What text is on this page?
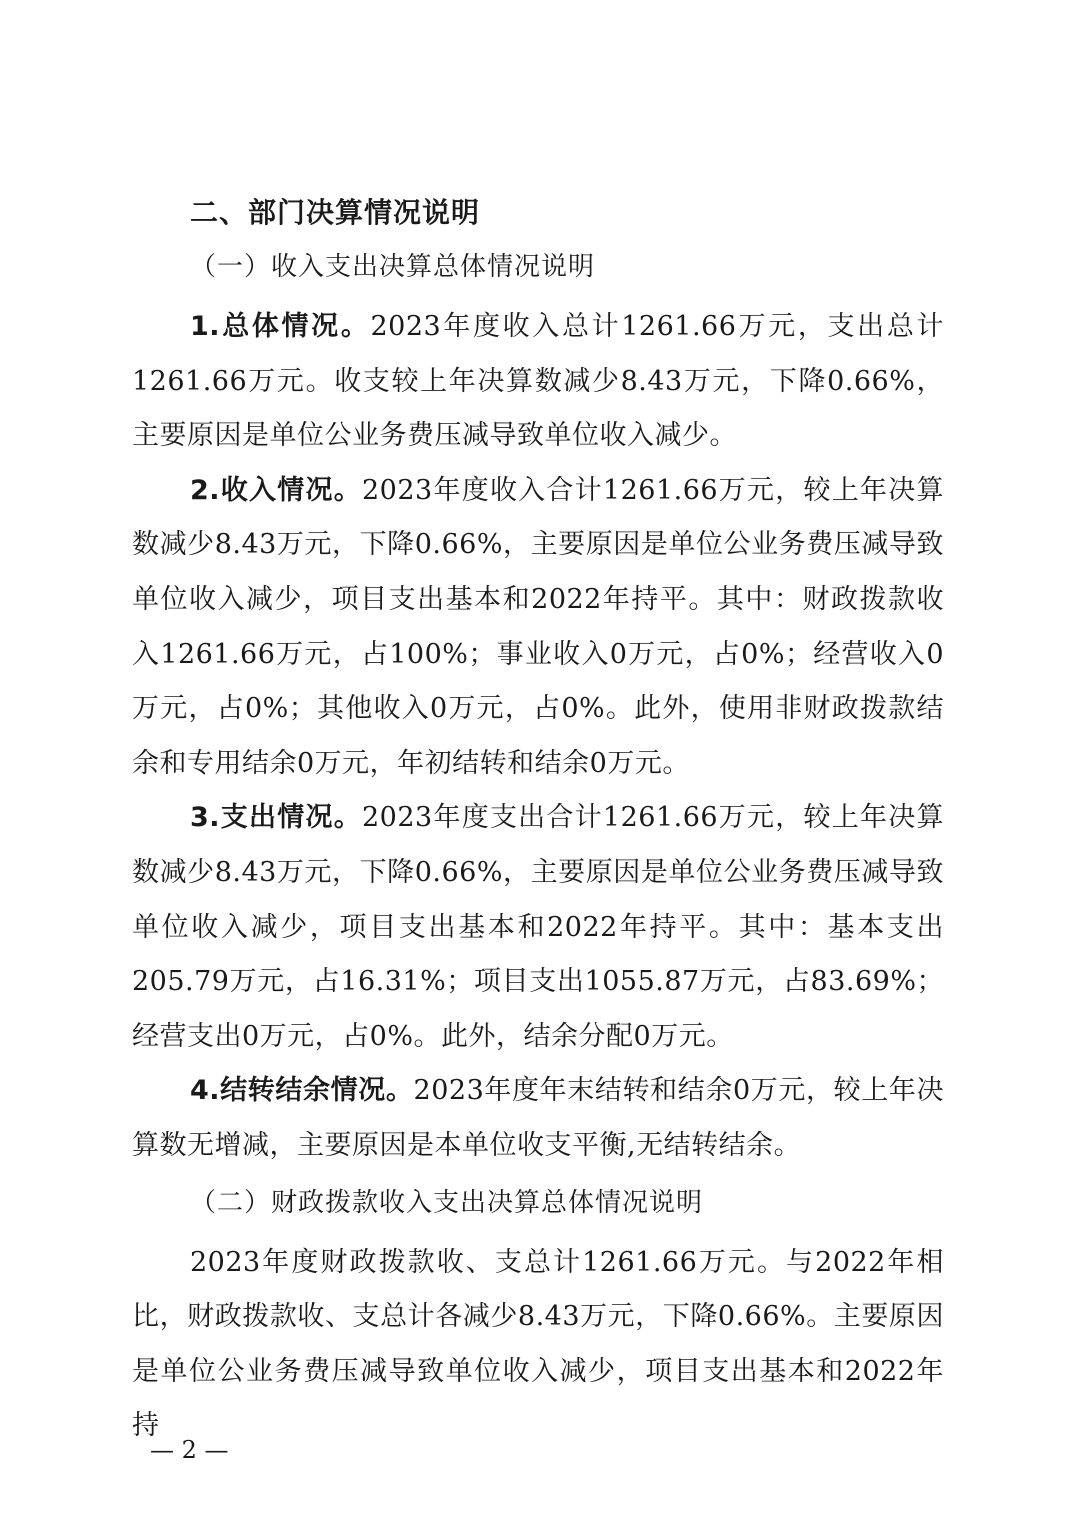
二、部门决算情况说明
（一）收入支出决算总体情况说明

1.总体情况。2023年度收入总计1261.66万元，支出总计1261.66万元。收支较上年决算数减少8.43万元，下降0.66%，主要原因是单位公业务费压减导致单位收入减少。

2.收入情况。2023年度收入合计1261.66万元，较上年决算数减少8.43万元，下降0.66%，主要原因是单位公业务费压减导致单位收入减少，项目支出基本和2022年持平。其中：财政拨款收入1261.66万元，占100%；事业收入0万元，占0%；经营收入0万元，占0%；其他收入0万元，占0%。此外，使用非财政拨款结余和专用结余0万元，年初结转和结余0万元。

3.支出情况。2023年度支出合计1261.66万元，较上年决算数减少8.43万元，下降0.66%，主要原因是单位公业务费压减导致单位收入减少，项目支出基本和2022年持平。其中：基本支出205.79万元，占16.31%；项目支出1055.87万元，占83.69%；经营支出0万元，占0%。此外，结余分配0万元。

4.结转结余情况。2023年度年末结转和结余0万元，较上年决算数无增减，主要原因是本单位收支平衡,无结转结余。

（二）财政拨款收入支出决算总体情况说明

2023年度财政拨款收、支总计1261.66万元。与2022年相比，财政拨款收、支总计各减少8.43万元，下降0.66%。主要原因是单位公业务费压减导致单位收入减少，项目支出基本和2022年持

— 2 —
